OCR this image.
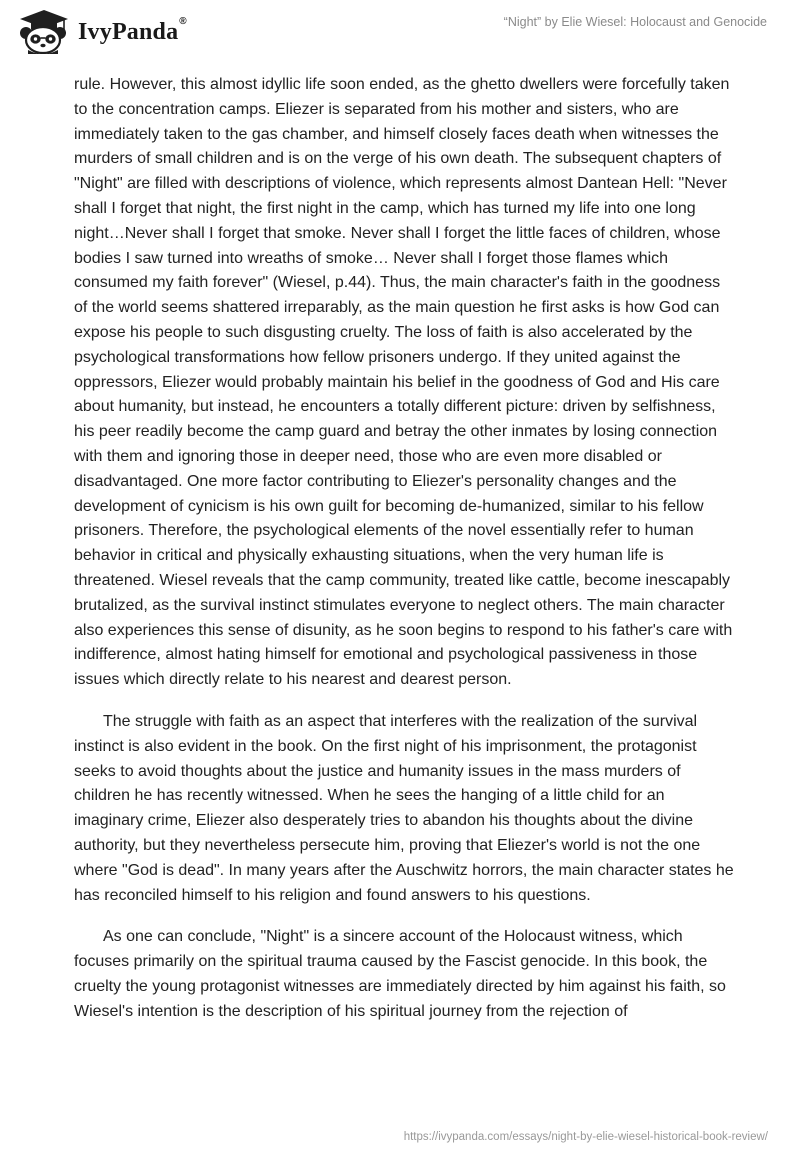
IvyPanda ®	“Night” by Elie Wiesel: Holocaust and Genocide

rule. However, this almost idyllic life soon ended, as the ghetto dwellers were forcefully taken to the concentration camps. Eliezer is separated from his mother and sisters, who are immediately taken to the gas chamber, and himself closely faces death when witnesses the murders of small children and is on the verge of his own death. The subsequent chapters of "Night" are filled with descriptions of violence, which represents almost Dantean Hell: "Never shall I forget that night, the first night in the camp, which has turned my life into one long night…Never shall I forget that smoke. Never shall I forget the little faces of children, whose bodies I saw turned into wreaths of smoke… Never shall I forget those flames which consumed my faith forever" (Wiesel, p.44). Thus, the main character's faith in the goodness of the world seems shattered irreparably, as the main question he first asks is how God can expose his people to such disgusting cruelty. The loss of faith is also accelerated by the psychological transformations how fellow prisoners undergo. If they united against the oppressors, Eliezer would probably maintain his belief in the goodness of God and His care about humanity, but instead, he encounters a totally different picture: driven by selfishness, his peer readily become the camp guard and betray the other inmates by losing connection with them and ignoring those in deeper need, those who are even more disabled or disadvantaged. One more factor contributing to Eliezer's personality changes and the development of cynicism is his own guilt for becoming de-humanized, similar to his fellow prisoners. Therefore, the psychological elements of the novel essentially refer to human behavior in critical and physically exhausting situations, when the very human life is threatened. Wiesel reveals that the camp community, treated like cattle, become inescapably brutalized, as the survival instinct stimulates everyone to neglect others. The main character also experiences this sense of disunity, as he soon begins to respond to his father's care with indifference, almost hating himself for emotional and psychological passiveness in those issues which directly relate to his nearest and dearest person.

The struggle with faith as an aspect that interferes with the realization of the survival instinct is also evident in the book. On the first night of his imprisonment, the protagonist seeks to avoid thoughts about the justice and humanity issues in the mass murders of children he has recently witnessed. When he sees the hanging of a little child for an imaginary crime, Eliezer also desperately tries to abandon his thoughts about the divine authority, but they nevertheless persecute him, proving that Eliezer's world is not the one where "God is dead". In many years after the Auschwitz horrors, the main character states he has reconciled himself to his religion and found answers to his questions.

As one can conclude, "Night" is a sincere account of the Holocaust witness, which focuses primarily on the spiritual trauma caused by the Fascist genocide. In this book, the cruelty the young protagonist witnesses are immediately directed by him against his faith, so Wiesel's intention is the description of his spiritual journey from the rejection of

https://ivypanda.com/essays/night-by-elie-wiesel-historical-book-review/
